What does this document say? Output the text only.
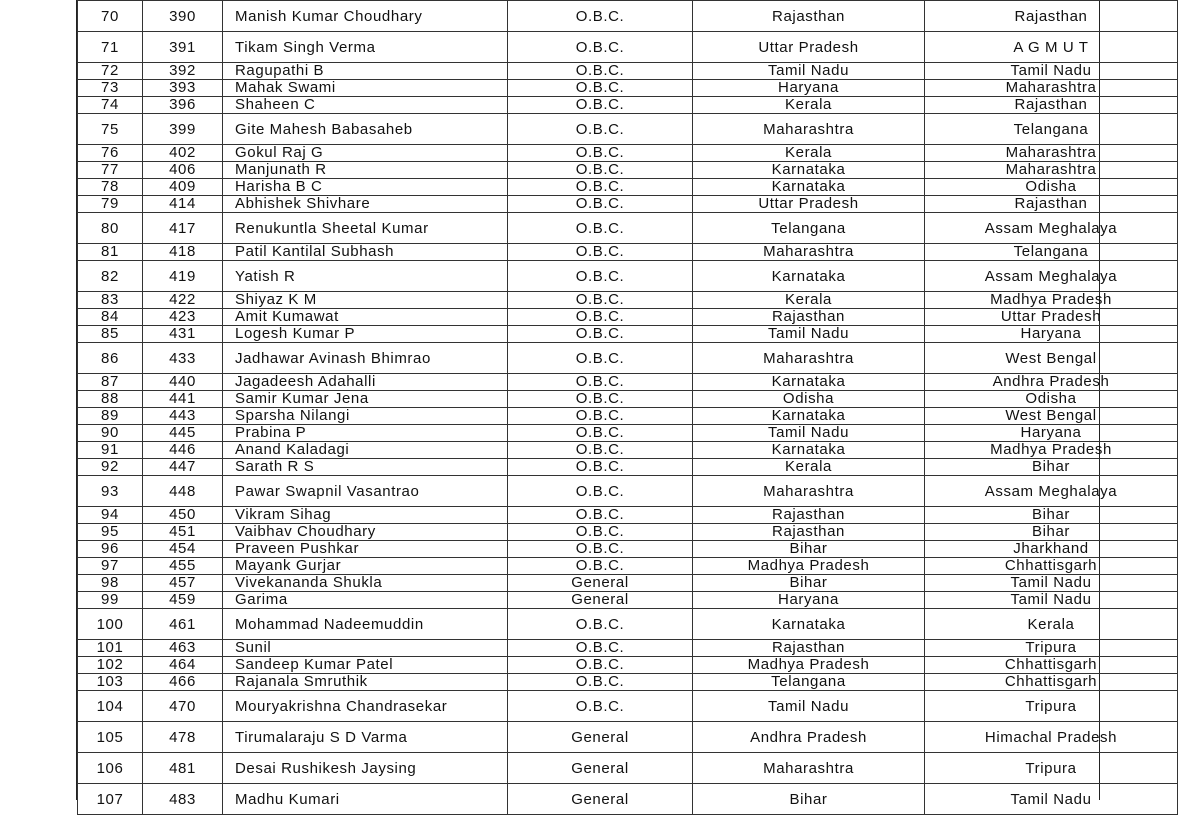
70	390	Manish Kumar Choudhary	O.B.C.	Rajasthan	Rajasthan
71	391	Tikam Singh Verma	O.B.C.	Uttar Pradesh	A G M U T
72	392	Ragupathi B	O.B.C.	Tamil Nadu	Tamil Nadu
73	393	Mahak Swami	O.B.C.	Haryana	Maharashtra
74	396	Shaheen C	O.B.C.	Kerala	Rajasthan
75	399	Gite Mahesh Babasaheb	O.B.C.	Maharashtra	Telangana
76	402	Gokul Raj G	O.B.C.	Kerala	Maharashtra
77	406	Manjunath R	O.B.C.	Karnataka	Maharashtra
78	409	Harisha B C	O.B.C.	Karnataka	Odisha
79	414	Abhishek Shivhare	O.B.C.	Uttar Pradesh	Rajasthan
80	417	Renukuntla Sheetal Kumar	O.B.C.	Telangana	Assam Meghalaya
81	418	Patil Kantilal Subhash	O.B.C.	Maharashtra	Telangana
82	419	Yatish R	O.B.C.	Karnataka	Assam Meghalaya
83	422	Shiyaz K M	O.B.C.	Kerala	Madhya Pradesh
84	423	Amit Kumawat	O.B.C.	Rajasthan	Uttar Pradesh
85	431	Logesh Kumar P	O.B.C.	Tamil Nadu	Haryana
86	433	Jadhawar Avinash Bhimrao	O.B.C.	Maharashtra	West Bengal
87	440	Jagadeesh Adahalli	O.B.C.	Karnataka	Andhra Pradesh
88	441	Samir Kumar Jena	O.B.C.	Odisha	Odisha
89	443	Sparsha Nilangi	O.B.C.	Karnataka	West Bengal
90	445	Prabina P	O.B.C.	Tamil Nadu	Haryana
91	446	Anand Kaladagi	O.B.C.	Karnataka	Madhya Pradesh
92	447	Sarath R S	O.B.C.	Kerala	Bihar
93	448	Pawar Swapnil Vasantrao	O.B.C.	Maharashtra	Assam Meghalaya
94	450	Vikram Sihag	O.B.C.	Rajasthan	Bihar
95	451	Vaibhav Choudhary	O.B.C.	Rajasthan	Bihar
96	454	Praveen Pushkar	O.B.C.	Bihar	Jharkhand
97	455	Mayank Gurjar	O.B.C.	Madhya Pradesh	Chhattisgarh
98	457	Vivekananda Shukla	General	Bihar	Tamil Nadu
99	459	Garima	General	Haryana	Tamil Nadu
100	461	Mohammad Nadeemuddin	O.B.C.	Karnataka	Kerala
101	463	Sunil	O.B.C.	Rajasthan	Tripura
102	464	Sandeep Kumar Patel	O.B.C.	Madhya Pradesh	Chhattisgarh
103	466	Rajanala Smruthik	O.B.C.	Telangana	Chhattisgarh
104	470	Mouryakrishna Chandrasekar	O.B.C.	Tamil Nadu	Tripura
105	478	Tirumalaraju S D Varma	General	Andhra Pradesh	Himachal Pradesh
106	481	Desai Rushikesh Jaysing	General	Maharashtra	Tripura
107	483	Madhu Kumari	General	Bihar	Tamil Nadu
